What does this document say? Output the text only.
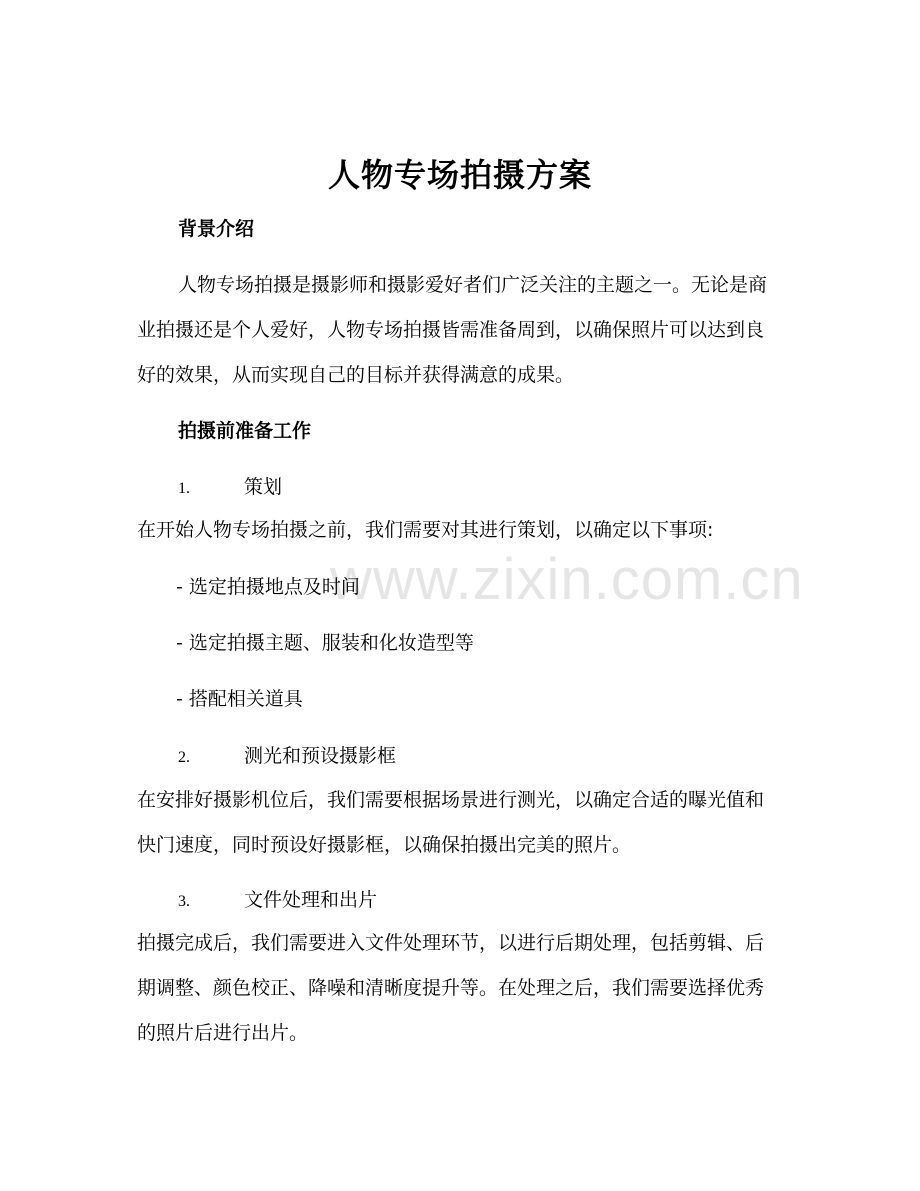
人物专场拍摄方案
背景介绍
人物专场拍摄是摄影师和摄影爱好者们广泛关注的主题之一。无论是商业拍摄还是个人爱好，人物专场拍摄皆需准备周到，以确保照片可以达到良好的效果，从而实现自己的目标并获得满意的成果。
拍摄前准备工作
1.	策划
在开始人物专场拍摄之前，我们需要对其进行策划，以确定以下事项:
- 选定拍摄地点及时间
- 选定拍摄主题、服装和化妆造型等
- 搭配相关道具
2.	测光和预设摄影框
在安排好摄影机位后，我们需要根据场景进行测光，以确定合适的曝光值和快门速度，同时预设好摄影框，以确保拍摄出完美的照片。
3.	文件处理和出片
拍摄完成后，我们需要进入文件处理环节，以进行后期处理，包括剪辑、后期调整、颜色校正、降噪和清晰度提升等。在处理之后，我们需要选择优秀的照片后进行出片。
www.zixin.com.cn
